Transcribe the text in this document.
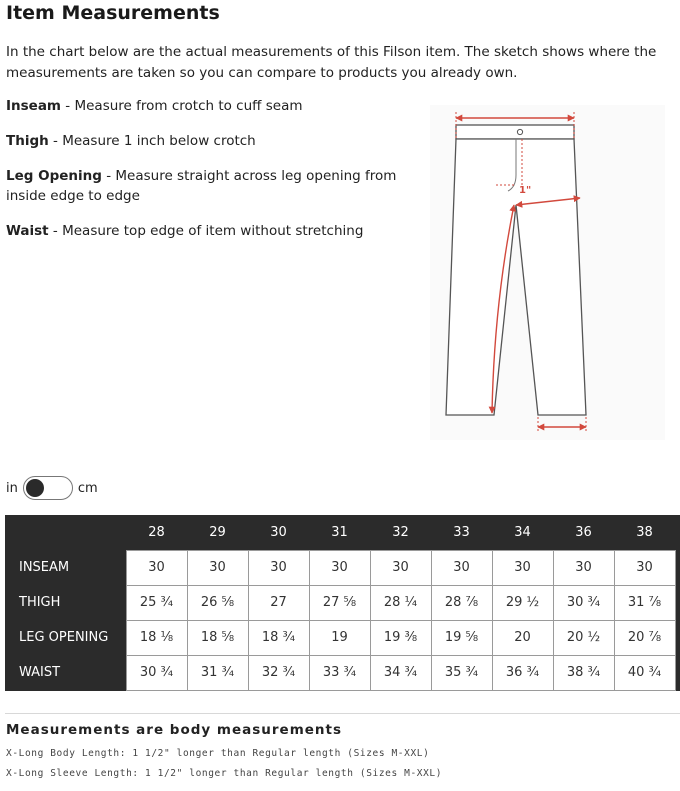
Item Measurements
In the chart below are the actual measurements of this Filson item. The sketch shows where the measurements are taken so you can compare to products you already own.
Inseam - Measure from crotch to cuff seam
Thigh - Measure 1 inch below crotch
Leg Opening - Measure straight across leg opening from inside edge to edge
Waist - Measure top edge of item without stretching
1"
in	cm
	28	29	30	31	32	33	34	36	38
INSEAM	30	30	30	30	30	30	30	30	30
THIGH	25 ¾	26 ⅝	27	27 ⅝	28 ¼	28 ⅞	29 ½	30 ¾	31 ⅞
LEG OPENING	18 ⅛	18 ⅝	18 ¾	19	19 ⅜	19 ⅝	20	20 ½	20 ⅞
WAIST	30 ¾	31 ¾	32 ¾	33 ¾	34 ¾	35 ¾	36 ¾	38 ¾	40 ¾
Measurements are body measurements
X-Long Body Length: 1 1/2" longer than Regular length (Sizes M-XXL)
X-Long Sleeve Length: 1 1/2" longer than Regular length (Sizes M-XXL)
